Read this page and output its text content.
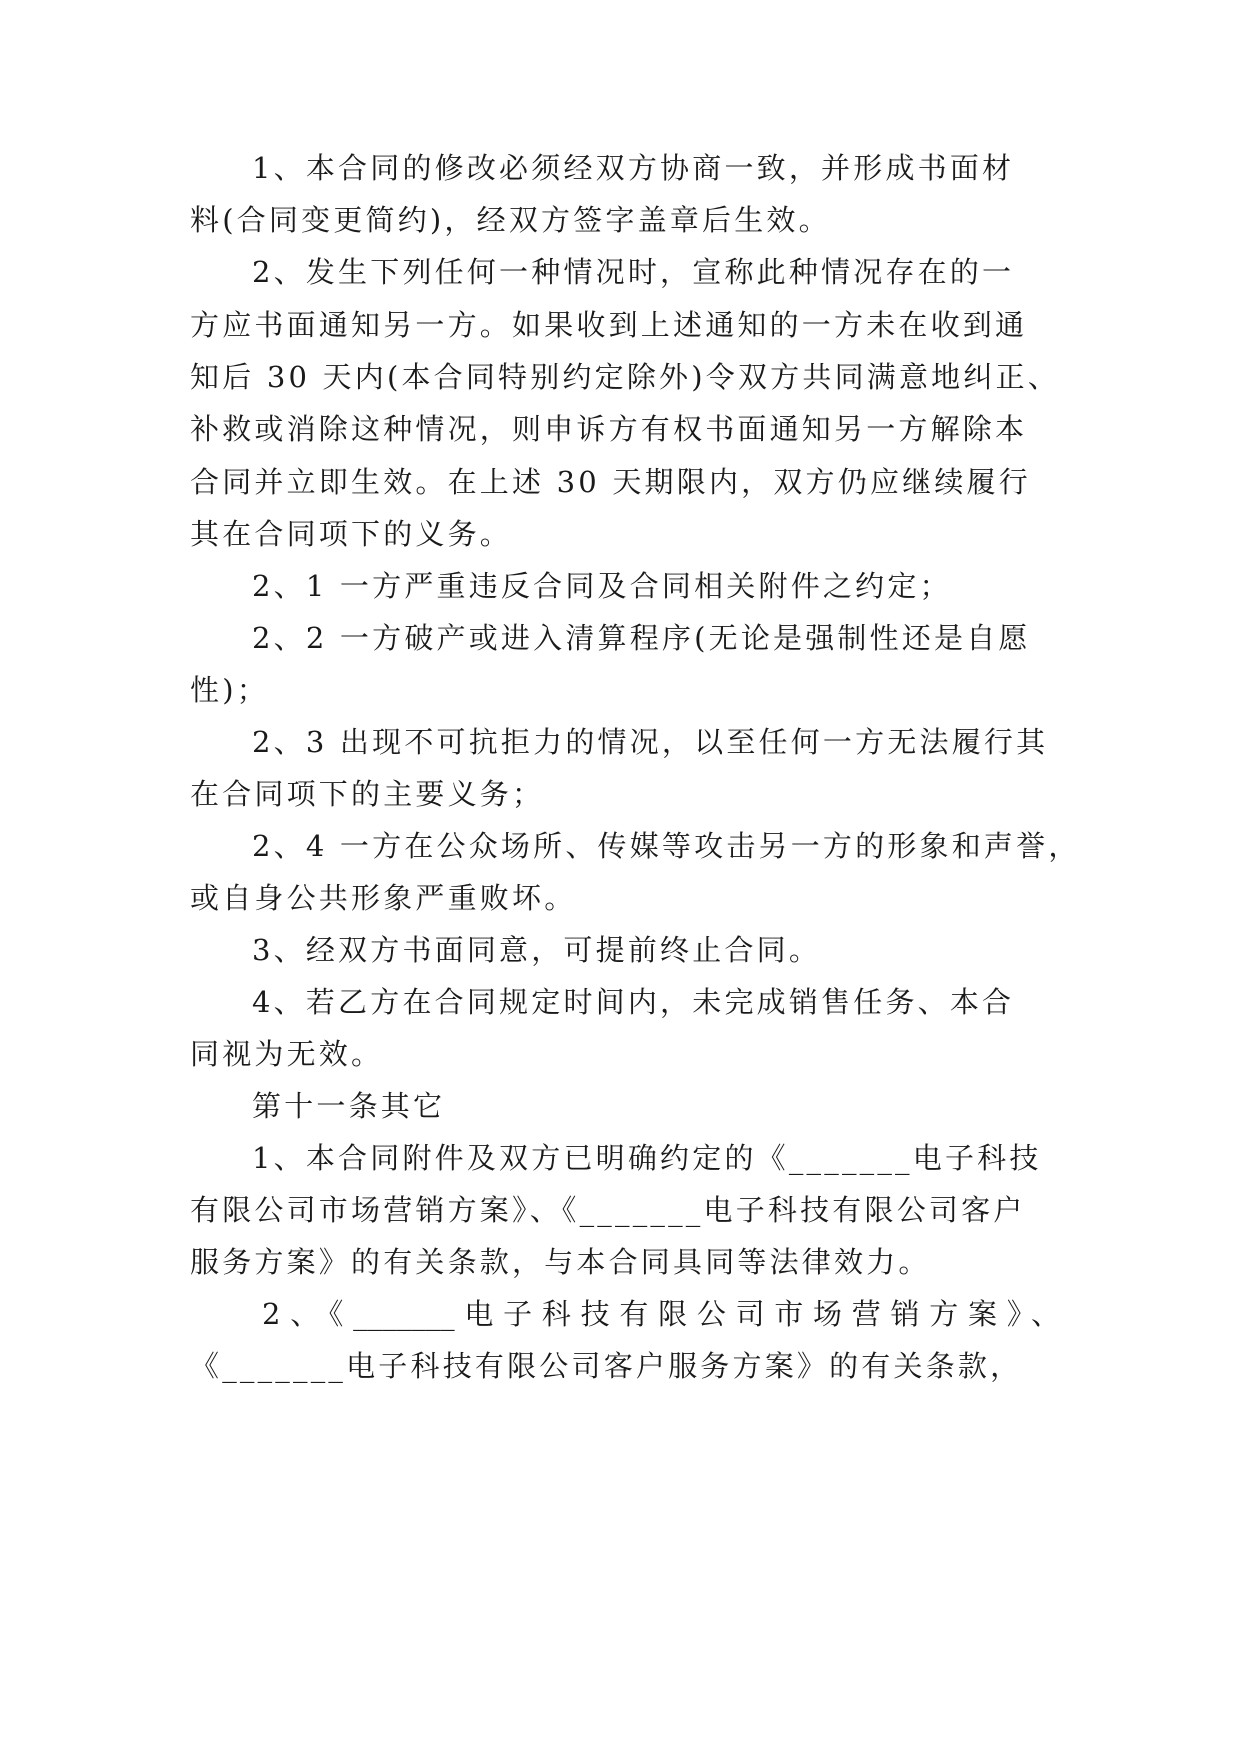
1、本合同的修改必须经双方协商一致，并形成书面材
料(合同变更简约)，经双方签字盖章后生效。
2、发生下列任何一种情况时，宣称此种情况存在的一
方应书面通知另一方。如果收到上述通知的一方未在收到通
知后 30 天内(本合同特别约定除外)令双方共同满意地纠正、
补救或消除这种情况，则申诉方有权书面通知另一方解除本
合同并立即生效。在上述 30 天期限内，双方仍应继续履行
其在合同项下的义务。
2、1 一方严重违反合同及合同相关附件之约定；
2、2 一方破产或进入清算程序(无论是强制性还是自愿
性)；
2、3 出现不可抗拒力的情况，以至任何一方无法履行其
在合同项下的主要义务；
2、4 一方在公众场所、传媒等攻击另一方的形象和声誉，
或自身公共形象严重败坏。
3、经双方书面同意，可提前终止合同。
4、若乙方在合同规定时间内，未完成销售任务、本合
同视为无效。
第十一条其它
1、本合同附件及双方已明确约定的《_______电子科技
有限公司市场营销方案》、《_______电子科技有限公司客户
服务方案》的有关条款，与本合同具同等法律效力。
2、《_______电子科技有限公司市场营销方案》、
《_______电子科技有限公司客户服务方案》的有关条款，
